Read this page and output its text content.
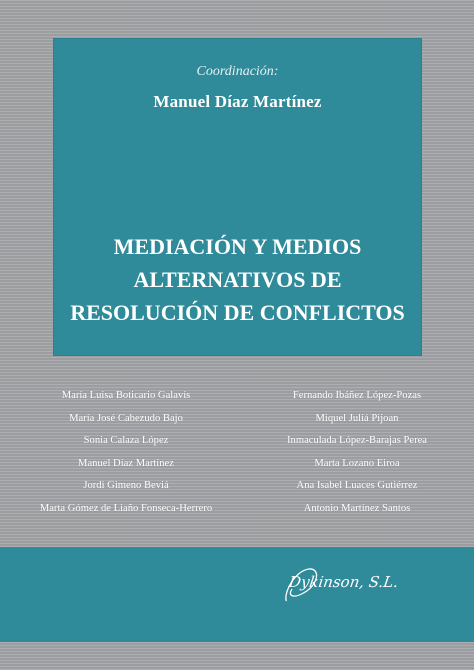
Coordinación:
Manuel Díaz Martínez
MEDIACIÓN Y MEDIOS
ALTERNATIVOS DE
RESOLUCIÓN DE CONFLICTOS
María Luisa Boticario Galavís
María José Cabezudo Bajo
Sonia Calaza López
Manuel Díaz Martínez
Jordi Gimeno Beviá
Marta Gómez de Liaño Fonseca-Herrero
Fernando Ibáñez López-Pozas
Miquel Juliá Pijoan
Inmaculada López-Barajas Perea
Marta Lozano Eiroa
Ana Isabel Luaces Gutiérrez
Antonio Martínez Santos
Dykinson, S.L.
